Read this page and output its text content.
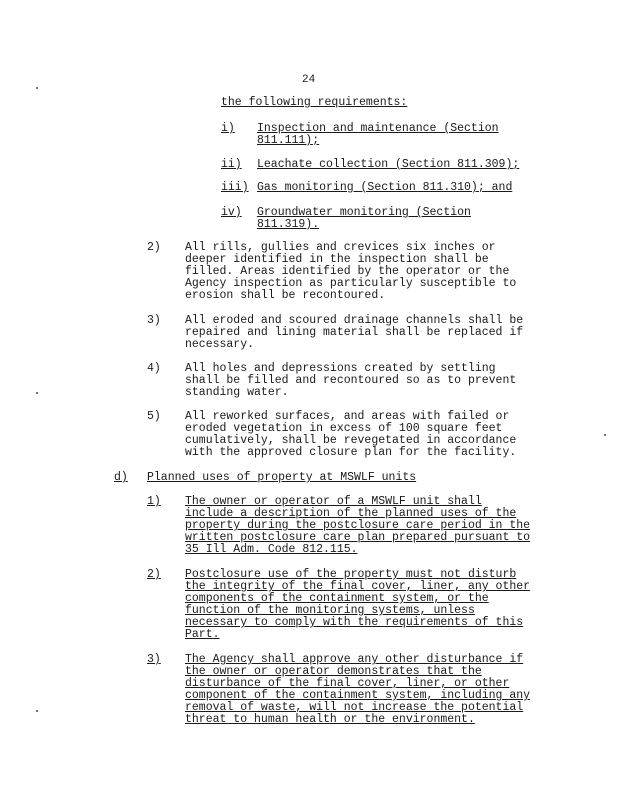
24
the following requirements:
i) Inspection and maintenance (Section
811.111);
ii) Leachate collection (Section 811.309);
iii) Gas monitoring (Section 811.310); and
iv) Groundwater monitoring (Section
811.319).
2) All rills, gullies and crevices six inches or
deeper identified in the inspection shall be
filled. Areas identified by the operator or the
Agency inspection as particularly susceptible to
erosion shall be recontoured.
3) All eroded and scoured drainage channels shall be
repaired and lining material shall be replaced if
necessary.
4) All holes and depressions created by settling
shall be filled and recontoured so as to prevent
standing water.
5) All reworked surfaces, and areas with failed or
eroded vegetation in excess of 100 square feet
cumulatively, shall be revegetated in accordance
with the approved closure plan for the facility.
d) Planned uses of property at MSWLF units
1) The owner or operator of a MSWLF unit shall
include a description of the planned uses of the
property during the postclosure care period in the
written postclosure care plan prepared pursuant to
35 Ill Adm. Code 812.115.
2) Postclosure use of the property must not disturb
the integrity of the final cover, liner, any other
components of the containment system, or the
function of the monitoring systems, unless
necessary to comply with the requirements of this
Part.
3) The Agency shall approve any other disturbance if
the owner or operator demonstrates that the
disturbance of the final cover, liner, or other
component of the containment system, including any
removal of waste, will not increase the potential
threat to human health or the environment.
